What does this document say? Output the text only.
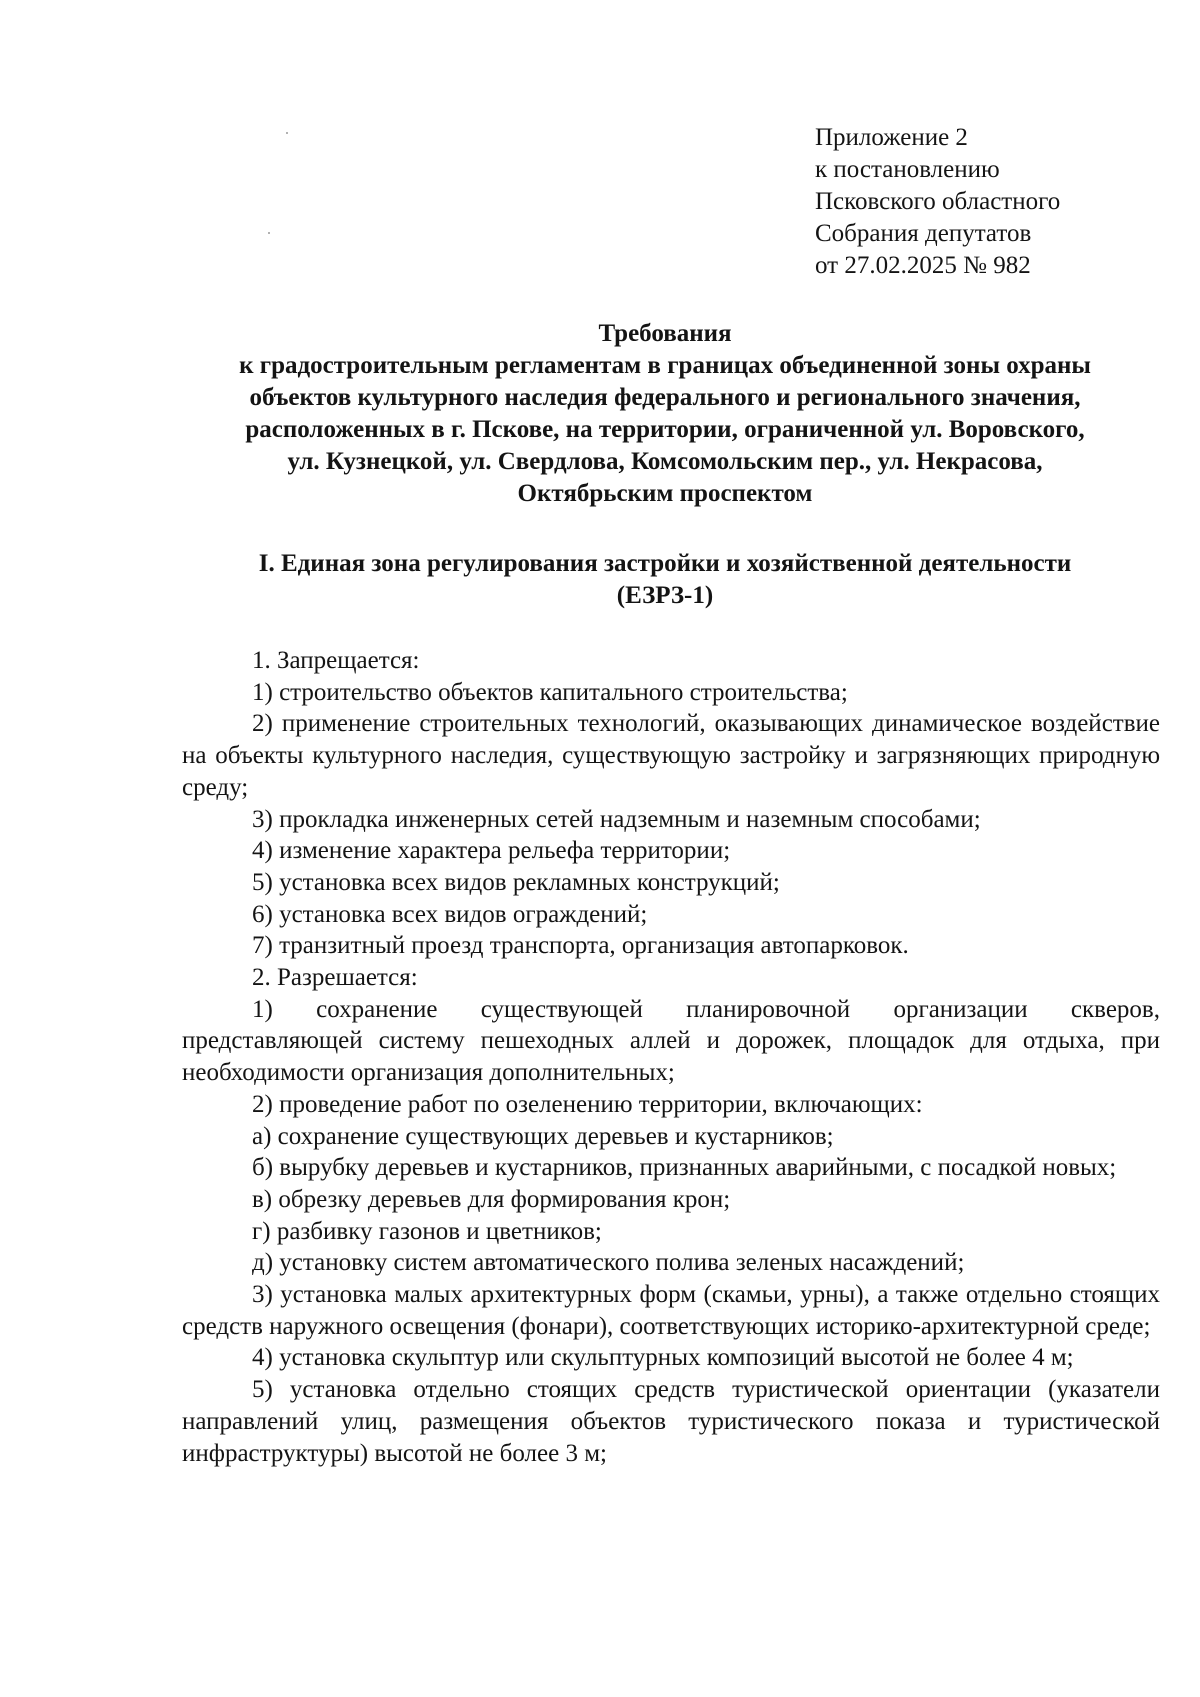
Приложение 2
к постановлению
Псковского областного
Собрания депутатов
от 27.02.2025 № 982
Требования
к градостроительным регламентам в границах объединенной зоны охраны
объектов культурного наследия федерального и регионального значения,
расположенных в г. Пскове, на территории, ограниченной ул. Воровского,
ул. Кузнецкой, ул. Свердлова, Комсомольским пер., ул. Некрасова,
Октябрьским проспектом
I. Единая зона регулирования застройки и хозяйственной деятельности
(ЕЗРЗ-1)
1. Запрещается:
1) строительство объектов капитального строительства;
2) применение строительных технологий, оказывающих динамическое воздействие на объекты культурного наследия, существующую застройку и загрязняющих природную среду;
3) прокладка инженерных сетей надземным и наземным способами;
4) изменение характера рельефа территории;
5) установка всех видов рекламных конструкций;
6) установка всех видов ограждений;
7) транзитный проезд транспорта, организация автопарковок.
2. Разрешается:
1) сохранение существующей планировочной организации скверов, представляющей систему пешеходных аллей и дорожек, площадок для отдыха, при необходимости организация дополнительных;
2) проведение работ по озеленению территории, включающих:
а) сохранение существующих деревьев и кустарников;
б) вырубку деревьев и кустарников, признанных аварийными, с посадкой новых;
в) обрезку деревьев для формирования крон;
г) разбивку газонов и цветников;
д) установку систем автоматического полива зеленых насаждений;
3) установка малых архитектурных форм (скамьи, урны), а также отдельно стоящих средств наружного освещения (фонари), соответствующих историко-архитектурной среде;
4) установка скульптур или скульптурных композиций высотой не более 4 м;
5) установка отдельно стоящих средств туристической ориентации (указатели направлений улиц, размещения объектов туристического показа и туристической инфраструктуры) высотой не более 3 м;
